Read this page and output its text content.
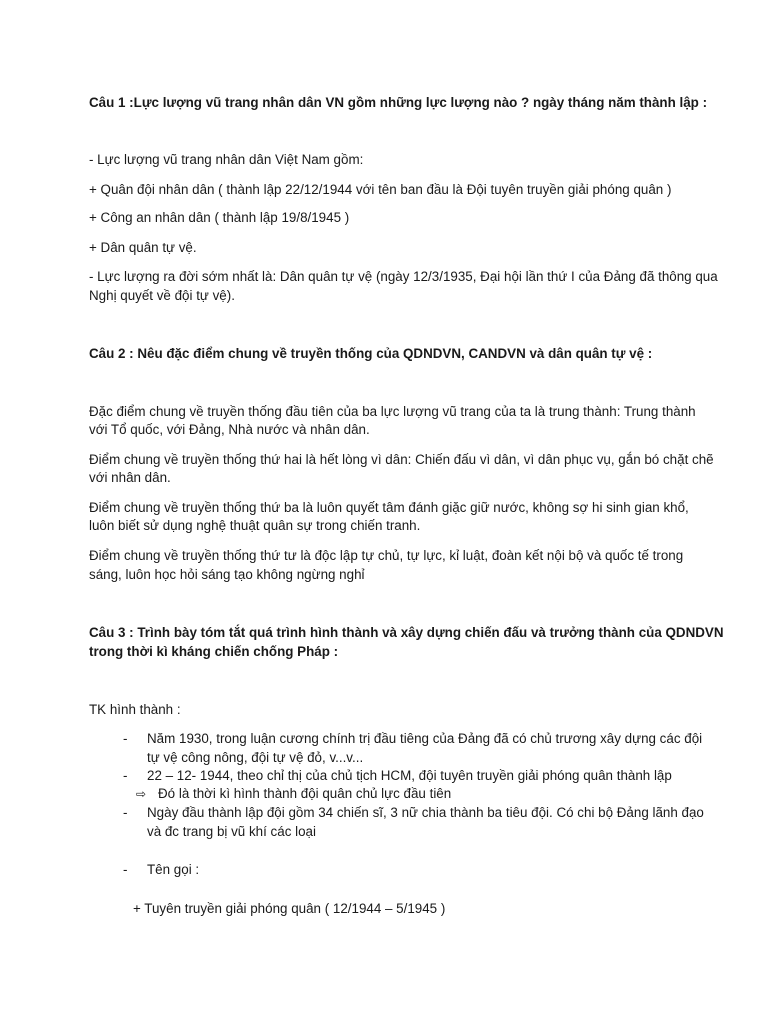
Câu 1 :Lực lượng vũ trang nhân dân VN gồm những lực lượng nào ? ngày tháng năm thành lập :
- Lực lượng vũ trang nhân dân Việt Nam gồm:
+ Quân đội nhân dân ( thành lập 22/12/1944 với tên ban đầu là Đội tuyên truyền giải phóng quân )
+ Công an nhân dân ( thành lập 19/8/1945 )
+ Dân quân tự vệ.
- Lực lượng ra đời sớm nhất là: Dân quân tự vệ (ngày 12/3/1935, Đại hội lần thứ I của Đảng đã thông qua
Nghị quyết về đội tự vệ).
Câu 2 : Nêu đặc điểm chung về truyền thống của QDNDVN, CANDVN và dân quân tự vệ :
Đặc điểm chung về truyền thống đầu tiên của ba lực lượng vũ trang của ta là trung thành: Trung thành
với Tổ quốc, với Đảng, Nhà nước và nhân dân.
Điểm chung về truyền thống thứ hai là hết lòng vì dân: Chiến đấu vì dân, vì dân phục vụ, gắn bó chặt chẽ
với nhân dân.
Điểm chung về truyền thống thứ ba là luôn quyết tâm đánh giặc giữ nước, không sợ hi sinh gian khổ,
luôn biết sử dụng nghệ thuật quân sự trong chiến tranh.
Điểm chung về truyền thống thứ tư là độc lập tự chủ, tự lực, kỉ luật, đoàn kết nội bộ và quốc tế trong
sáng, luôn học hỏi sáng tạo không ngừng nghỉ
Câu 3 : Trình bày tóm tắt quá trình hình thành và xây dựng chiến đấu và trưởng thành của QDNDVN
trong thời kì kháng chiến chống Pháp :
TK hình thành :
- Năm 1930, trong luận cương chính trị đầu tiêng của Đảng đã có chủ trương xây dựng các đội
tự vệ công nông, đội tự vệ đỏ, v...v...
- 22 – 12- 1944, theo chỉ thị của chủ tịch HCM, đội tuyên truyền giải phóng quân thành lập
⇨ Đó là thời kì hình thành đội quân chủ lực đầu tiên
- Ngày đầu thành lập đội gồm 34 chiến sĩ, 3 nữ chia thành ba tiêu đội. Có chi bộ Đảng lãnh đạo
và đc trang bị vũ khí các loại
- Tên gọi :
+ Tuyên truyền giải phóng quân ( 12/1944 – 5/1945 )
